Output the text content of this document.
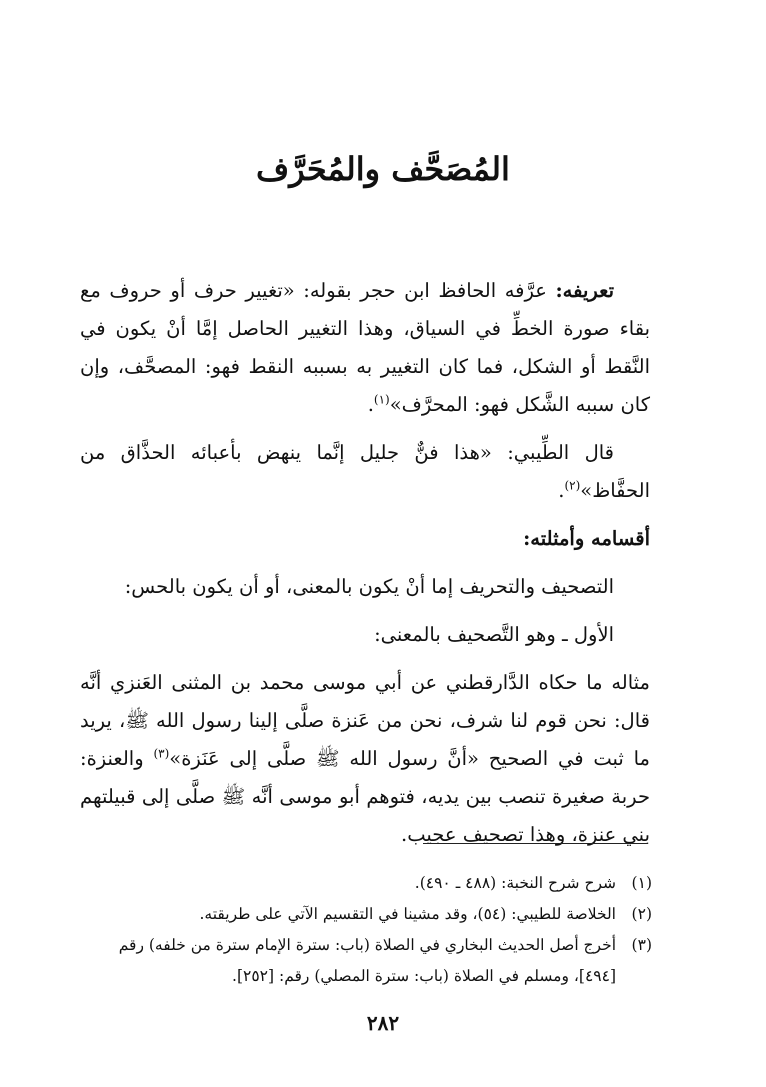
المُصَحَّف والمُحَرَّف

تعريفه: عرَّفه الحافظ ابن حجر بقوله: «تغيير حرف أو حروف مع بقاء صورة الخطِّ في السياق، وهذا التغيير الحاصل إمَّا أنْ يكون في النَّقط أو الشكل، فما كان التغيير به بسببه النقط فهو: المصحَّف، وإن كان سببه الشَّكل فهو: المحرَّف»$^{(١)}$.

قال الطِّيبي: «هذا فنٌّ جليل إنَّما ينهض بأعبائه الحذَّاق من الحفَّاظ»$^{(٢)}$.

أقسامه وأمثلته:

التصحيف والتحريف إما أنْ يكون بالمعنى، أو أن يكون بالحس:

الأول ـ وهو التَّصحيف بالمعنى:

مثاله ما حكاه الدَّارقطني عن أبي موسى محمد بن المثنى العَنزي أنَّه قال: نحن قوم لنا شرف، نحن من عَنزة صلَّى إلينا رسول الله ﷺ، يريد ما ثبت في الصحيح «أنَّ رسول الله ﷺ صلَّى إلى عَنَزة»$^{(٣)}$ والعنزة: حربة صغيرة تنصب بين يديه، فتوهم أبو موسى أنَّه ﷺ صلَّى إلى قبيلتهم بني عنزة، وهذا تصحيف عجيب.

(١)
شرح شرح النخبة: (٤٨٨ ـ ٤٩٠).
(٢)
الخلاصة للطيبي: (٥٤)، وقد مشينا في التقسيم الآتي على طريقته.
(٣)
أخرج أصل الحديث البخاري في الصلاة (باب: سترة الإمام سترة من خلفه) رقم [٤٩٤]، ومسلم في الصلاة (باب: سترة المصلي) رقم: [٢٥٢].
٢٨٢
